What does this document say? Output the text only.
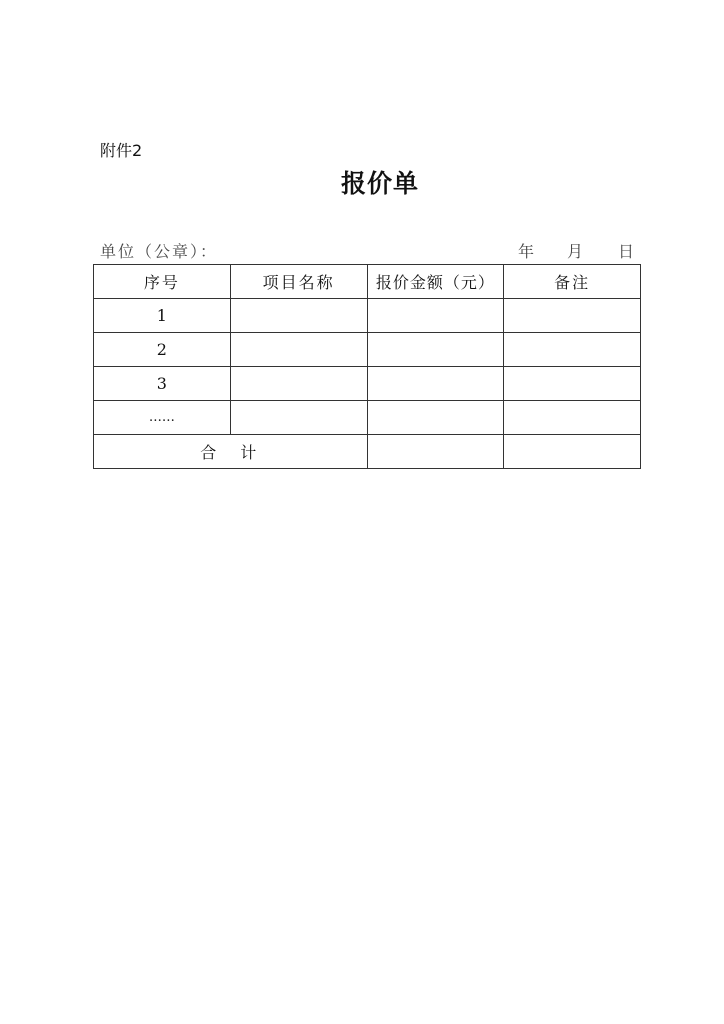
附件2
报价单
单位（公章）：	年 月 日
序号	项目名称	报价金额（元）	备注
1			
2			
3			
……			
合　计			
